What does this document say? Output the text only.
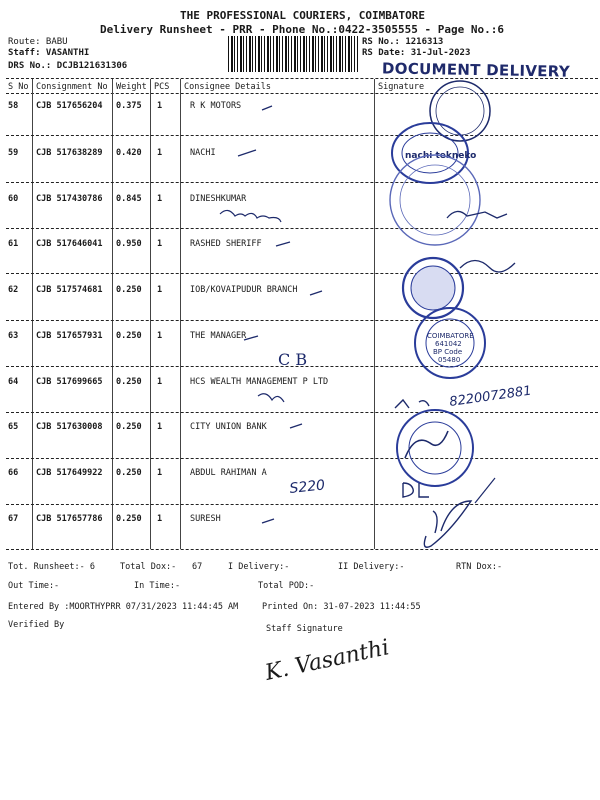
THE PROFESSIONAL COURIERS, COIMBATORE
Delivery Runsheet - PRR - Phone No.:0422-3505555 - Page No.:6
Route: BABU
Staff: VASANTHI
DRS No.: DCJB121631306
RS No.: 1216313
RS Date: 31-Jul-2023
DOCUMENT DELIVERY
S No Consignment No Weight PCS Consignee Details	Signature
58 CJB 517656204 0.375 1	R K MOTORS
59 CJB 517638289 0.420 1	NACHI
60 CJB 517430786 0.845 1	DINESHKUMAR
61 CJB 517646041 0.950 1	RASHED SHERIFF
62 CJB 517574681 0.250 1	IOB/KOVAIPUDUR BRANCH
63 CJB 517657931 0.250 1	THE MANAGER
64 CJB 517699665 0.250 1	HCS WEALTH MANAGEMENT P LTD
65 CJB 517630008 0.250 1	CITY UNION BANK
66 CJB 517649922 0.250 1	ABDUL RAHIMAN A
67 CJB 517657786 0.250 1	SURESH
nachi tekneko
COIMBATORE
641042
BP Code
05480
8220072881
C B
S220
Tot. Runsheet:- 6	Total Dox:- 67	I Delivery:-	II Delivery:-	RTN Dox:-
Out Time:-	In Time:-	Total POD:-
Entered By :MOORTHYPRR 07/31/2023 11:44:45 AM	Printed On: 31-07-2023 11:44:55
Verified By	Staff Signature
K. Vasanthi
